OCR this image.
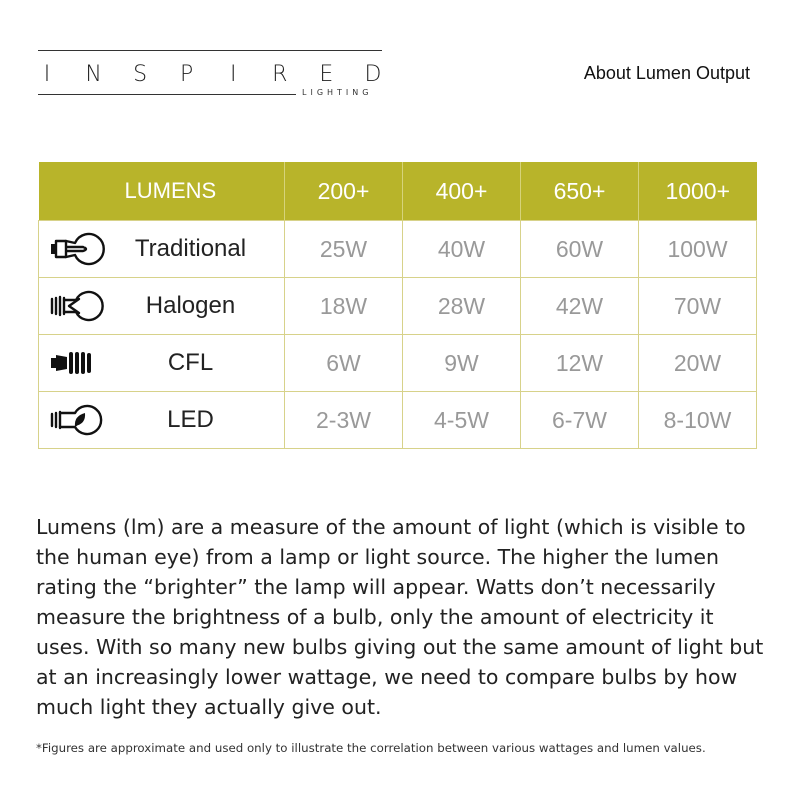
I N S P I R E D
LIGHTING
About Lumen Output
LUMENS	200+	400+	650+	1000+

Traditional	25W	40W	60W	100W

Halogen	18W	28W	42W	70W

CFL	6W	9W	12W	20W

LED	2-3W	4-5W	6-7W	8-10W

Lumens (lm) are a measure of the amount of light (which is visible to the human eye) from a lamp or light source. The higher the lumen rating the “brighter” the lamp will appear. Watts don’t necessarily measure the brightness of a bulb, only the amount of electricity it uses. With so many new bulbs giving out the same amount of light but at an increasingly lower wattage, we need to compare bulbs by how much light they actually give out.

*Figures are approximate and used only to illustrate the correlation between various wattages and lumen values.
